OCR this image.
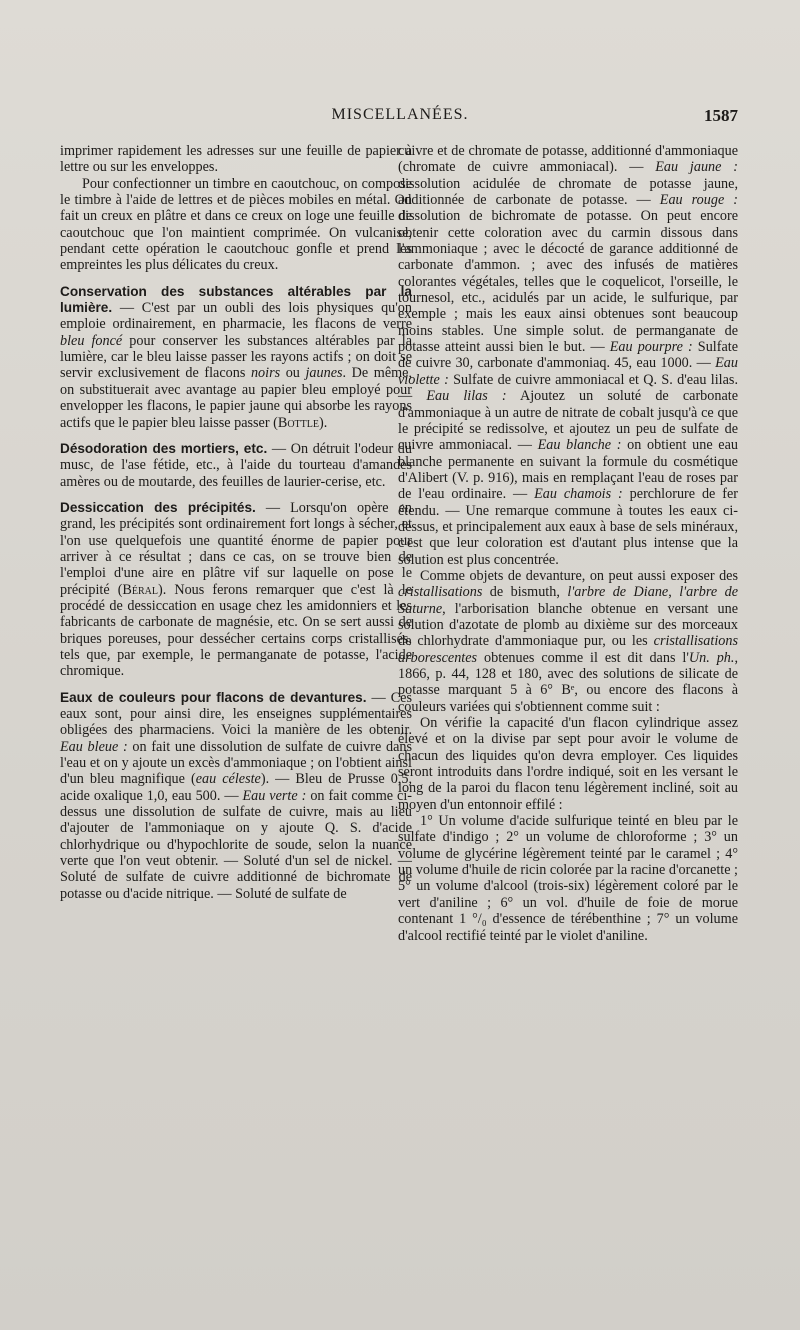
MISCELLANÉES.	1587

imprimer rapidement les adresses sur une feuille de papier à lettre ou sur les enveloppes.

Pour confectionner un timbre en caoutchouc, on compose le timbre à l'aide de lettres et de pièces mobiles en métal. On fait un creux en plâtre et dans ce creux on loge une feuille de caoutchouc que l'on maintient comprimée. On vulcanise, pendant cette opération le caoutchouc gonfle et prend les empreintes les plus délicates du creux.

Conservation des substances altérables par la lumière. — C'est par un oubli des lois physiques qu'on emploie ordinairement, en pharmacie, les flacons de verre bleu foncé pour conserver les substances altérables par la lumière, car le bleu laisse passer les rayons actifs ; on doit se servir exclusivement de flacons noirs ou jaunes. De même, on substituerait avec avantage au papier bleu employé pour envelopper les flacons, le papier jaune qui absorbe les rayons actifs que le papier bleu laisse passer (Bottle).

Désodoration des mortiers, etc. — On détruit l'odeur du musc, de l'ase fétide, etc., à l'aide du tourteau d'amandes amères ou de moutarde, des feuilles de laurier-cerise, etc.

Dessiccation des précipités. — Lorsqu'on opère en grand, les précipités sont ordinairement fort longs à sécher, et l'on use quelquefois une quantité énorme de papier pour arriver à ce résultat ; dans ce cas, on se trouve bien de l'emploi d'une aire en plâtre vif sur laquelle on pose le précipité (Béral). Nous ferons remarquer que c'est là le procédé de dessiccation en usage chez les amidonniers et les fabricants de carbonate de magnésie, etc. On se sert aussi de briques poreuses, pour dessécher certains corps cristallisés, tels que, par exemple, le permanganate de potasse, l'acide chromique.

Eaux de couleurs pour flacons de devantures. — Ces eaux sont, pour ainsi dire, les enseignes supplémentaires obligées des pharmaciens. Voici la manière de les obtenir. Eau bleue : on fait une dissolution de sulfate de cuivre dans l'eau et on y ajoute un excès d'ammoniaque ; on l'obtient ainsi d'un bleu magnifique (eau céleste). — Bleu de Prusse 0,5, acide oxalique 1,0, eau 500. — Eau verte : on fait comme ci-dessus une dissolution de sulfate de cuivre, mais au lieu d'ajouter de l'ammoniaque on y ajoute Q. S. d'acide chlorhydrique ou d'hypochlorite de soude, selon la nuance verte que l'on veut obtenir. — Soluté d'un sel de nickel. — Soluté de sulfate de cuivre additionné de bichromate de potasse ou d'acide nitrique. — Soluté de sulfate de

cuivre et de chromate de potasse, additionné d'ammoniaque (chromate de cuivre ammoniacal). — Eau jaune : dissolution acidulée de chromate de potasse jaune, additionnée de carbonate de potasse. — Eau rouge : dissolution de bichromate de potasse. On peut encore obtenir cette coloration avec du carmin dissous dans l'ammoniaque ; avec le décocté de garance additionné de carbonate d'ammon. ; avec des infusés de matières colorantes végétales, telles que le coquelicot, l'orseille, le tournesol, etc., acidulés par un acide, le sulfurique, par exemple ; mais les eaux ainsi obtenues sont beaucoup moins stables. Une simple solut. de permanganate de potasse atteint aussi bien le but. — Eau pourpre : Sulfate de cuivre 30, carbonate d'ammoniaq. 45, eau 1000. — Eau violette : Sulfate de cuivre ammoniacal et Q. S. d'eau lilas. — Eau lilas : Ajoutez un soluté de carbonate d'ammoniaque à un autre de nitrate de cobalt jusqu'à ce que le précipité se redissolve, et ajoutez un peu de sulfate de cuivre ammoniacal. — Eau blanche : on obtient une eau blanche permanente en suivant la formule du cosmétique d'Alibert (V. p. 916), mais en remplaçant l'eau de roses par de l'eau ordinaire. — Eau chamois : perchlorure de fer étendu. — Une remarque commune à toutes les eaux ci-dessus, et principalement aux eaux à base de sels minéraux, c'est que leur coloration est d'autant plus intense que la solution est plus concentrée.

Comme objets de devanture, on peut aussi exposer des cristallisations de bismuth, l'arbre de Diane, l'arbre de Saturne, l'arborisation blanche obtenue en versant une solution d'azotate de plomb au dixième sur des morceaux de chlorhydrate d'ammoniaque pur, ou les cristallisations arborescentes obtenues comme il est dit dans l'Un. ph., 1866, p. 44, 128 et 180, avec des solutions de silicate de potasse marquant 5 à 6° Bᵉ, ou encore des flacons à couleurs variées qui s'obtiennent comme suit :

On vérifie la capacité d'un flacon cylindrique assez élevé et on la divise par sept pour avoir le volume de chacun des liquides qu'on devra employer. Ces liquides seront introduits dans l'ordre indiqué, soit en les versant le long de la paroi du flacon tenu légèrement incliné, soit au moyen d'un entonnoir effilé :

1° Un volume d'acide sulfurique teinté en bleu par le sulfate d'indigo ; 2° un volume de chloroforme ; 3° un volume de glycérine légèrement teinté par le caramel ; 4° un volume d'huile de ricin colorée par la racine d'orcanette ; 5° un volume d'alcool (trois-six) légèrement coloré par le vert d'aniline ; 6° un vol. d'huile de foie de morue contenant 1 °/₀ d'essence de térébenthine ; 7° un volume d'alcool rectifié teinté par le violet d'aniline.
